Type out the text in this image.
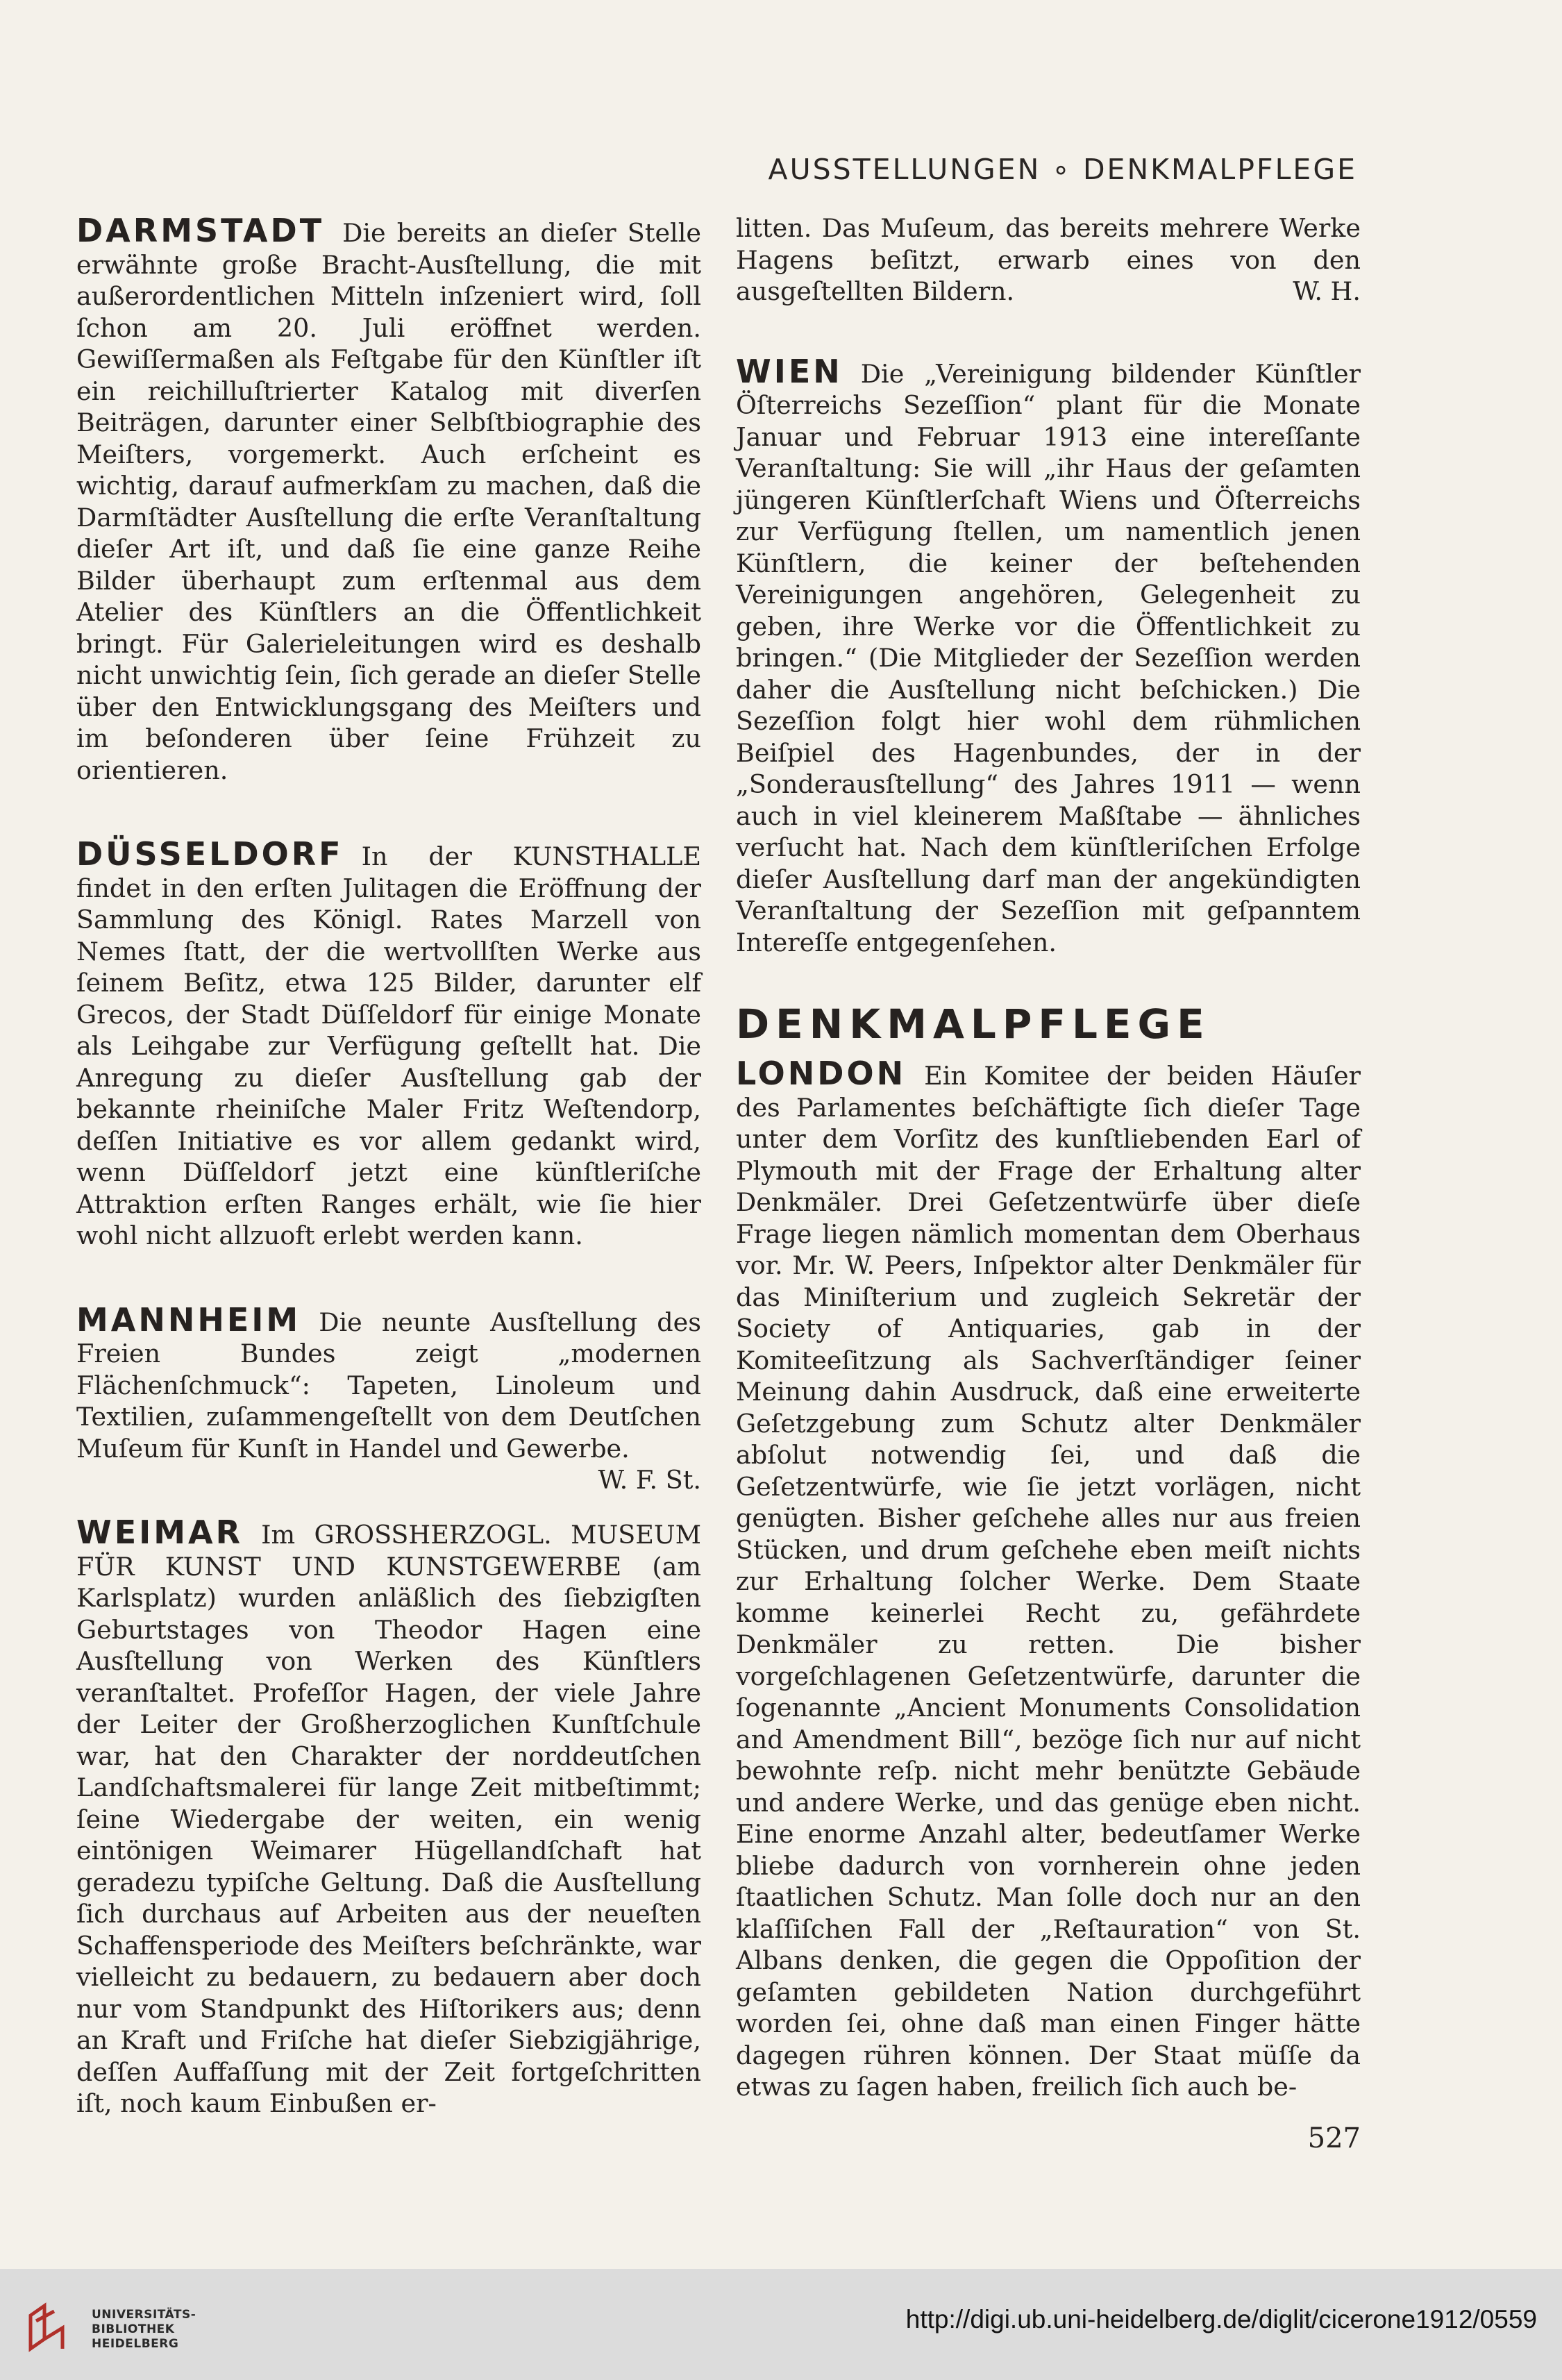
AUSSTELLUNGEN ∘ DENKMALPFLEGE

DARMSTADT Die bereits an dieſer Stelle erwähnte große Bracht-Ausſtellung, die mit außerordentlichen Mitteln inſzeniert wird, ſoll ſchon am 20. Juli eröffnet werden. Gewiſſermaßen als Feſtgabe für den Künſtler iſt ein reichilluſtrierter Katalog mit diverſen Beiträgen, darunter einer Selbſtbiographie des Meiſters, vorgemerkt. Auch erſcheint es wichtig, darauf aufmerkſam zu machen, daß die Darmſtädter Ausſtellung die erſte Veranſtaltung dieſer Art iſt, und daß ſie eine ganze Reihe Bilder überhaupt zum erſtenmal aus dem Atelier des Künſtlers an die Öffentlichkeit bringt. Für Galerieleitungen wird es deshalb nicht unwichtig ſein, ſich gerade an dieſer Stelle über den Entwicklungsgang des Meiſters und im beſonderen über ſeine Frühzeit zu orientieren.

DÜSSELDORF In der KUNSTHALLE findet in den erſten Julitagen die Eröffnung der Sammlung des Königl. Rates Marzell von Nemes ſtatt, der die wertvollſten Werke aus ſeinem Beſitz, etwa 125 Bilder, darunter elf Grecos, der Stadt Düſſeldorf für einige Monate als Leihgabe zur Verfügung geſtellt hat. Die Anregung zu dieſer Ausſtellung gab der bekannte rheiniſche Maler Fritz Weſtendorp, deſſen Initiative es vor allem gedankt wird, wenn Düſſeldorf jetzt eine künſtleriſche Attraktion erſten Ranges erhält, wie ſie hier wohl nicht allzuoft erlebt werden kann.

MANNHEIM Die neunte Ausſtellung des Freien Bundes zeigt „modernen Flächenſchmuck“: Tapeten, Linoleum und Textilien, zuſammengeſtellt von dem Deutſchen Muſeum für Kunſt in Handel und Gewerbe.
W. F. St.

WEIMAR Im GROSSHERZOGL. MUSEUM FÜR KUNST UND KUNSTGEWERBE (am Karlsplatz) wurden anläßlich des ſiebzigſten Geburtstages von Theodor Hagen eine Ausſtellung von Werken des Künſtlers veranſtaltet. Profeſſor Hagen, der viele Jahre der Leiter der Großherzoglichen Kunſtſchule war, hat den Charakter der norddeutſchen Landſchaftsmalerei für lange Zeit mitbeſtimmt; ſeine Wiedergabe der weiten, ein wenig eintönigen Weimarer Hügellandſchaft hat geradezu typiſche Geltung. Daß die Ausſtellung ſich durchaus auf Arbeiten aus der neueſten Schaffensperiode des Meiſters beſchränkte, war vielleicht zu bedauern, zu bedauern aber doch nur vom Standpunkt des Hiſtorikers aus; denn an Kraft und Friſche hat dieſer Siebzigjährige, deſſen Auffaſſung mit der Zeit fortgeſchritten iſt, noch kaum Einbußen er-

litten. Das Muſeum, das bereits mehrere Werke Hagens beſitzt, erwarb eines von den ausgeſtellten Bildern.	W. H.

WIEN Die „Vereinigung bildender Künſtler Öſterreichs Sezeſſion“ plant für die Monate Januar und Februar 1913 eine intereſſante Veranſtaltung: Sie will „ihr Haus der geſamten jüngeren Künſtlerſchaft Wiens und Öſterreichs zur Verfügung ſtellen, um namentlich jenen Künſtlern, die keiner der beſtehenden Vereinigungen angehören, Gelegenheit zu geben, ihre Werke vor die Öffentlichkeit zu bringen.“ (Die Mitglieder der Sezeſſion werden daher die Ausſtellung nicht beſchicken.) Die Sezeſſion folgt hier wohl dem rühmlichen Beiſpiel des Hagenbundes, der in der „Sonderausſtellung“ des Jahres 1911 — wenn auch in viel kleinerem Maßſtabe — ähnliches verſucht hat. Nach dem künſtleriſchen Erfolge dieſer Ausſtellung darf man der angekündigten Veranſtaltung der Sezeſſion mit geſpanntem Intereſſe entgegenſehen.

DENKMALPFLEGE

LONDON Ein Komitee der beiden Häuſer des Parlamentes beſchäftigte ſich dieſer Tage unter dem Vorſitz des kunſtliebenden Earl of Plymouth mit der Frage der Erhaltung alter Denkmäler. Drei Geſetzentwürfe über dieſe Frage liegen nämlich momentan dem Oberhaus vor. Mr. W. Peers, Inſpektor alter Denkmäler für das Miniſterium und zugleich Sekretär der Society of Antiquaries, gab in der Komiteeſitzung als Sachverſtändiger ſeiner Meinung dahin Ausdruck, daß eine erweiterte Geſetzgebung zum Schutz alter Denkmäler abſolut notwendig ſei, und daß die Geſetzentwürfe, wie ſie jetzt vorlägen, nicht genügten. Bisher geſchehe alles nur aus freien Stücken, und drum geſchehe eben meiſt nichts zur Erhaltung ſolcher Werke. Dem Staate komme keinerlei Recht zu, gefährdete Denkmäler zu retten. Die bisher vorgeſchlagenen Geſetzentwürfe, darunter die ſogenannte „Ancient Monuments Consolidation and Amendment Bill“, bezöge ſich nur auf nicht bewohnte reſp. nicht mehr benützte Gebäude und andere Werke, und das genüge eben nicht. Eine enorme Anzahl alter, bedeutſamer Werke bliebe dadurch von vornherein ohne jeden ſtaatlichen Schutz. Man ſolle doch nur an den klaſſiſchen Fall der „Reſtauration“ von St. Albans denken, die gegen die Oppoſition der geſamten gebildeten Nation durchgeführt worden ſei, ohne daß man einen Finger hätte dagegen rühren können. Der Staat müſſe da etwas zu ſagen haben, freilich ſich auch be-

527
UNIVERSITÄTS-
BIBLIOTHEK
HEIDELBERG
http://digi.ub.uni-heidelberg.de/diglit/cicerone1912/0559
